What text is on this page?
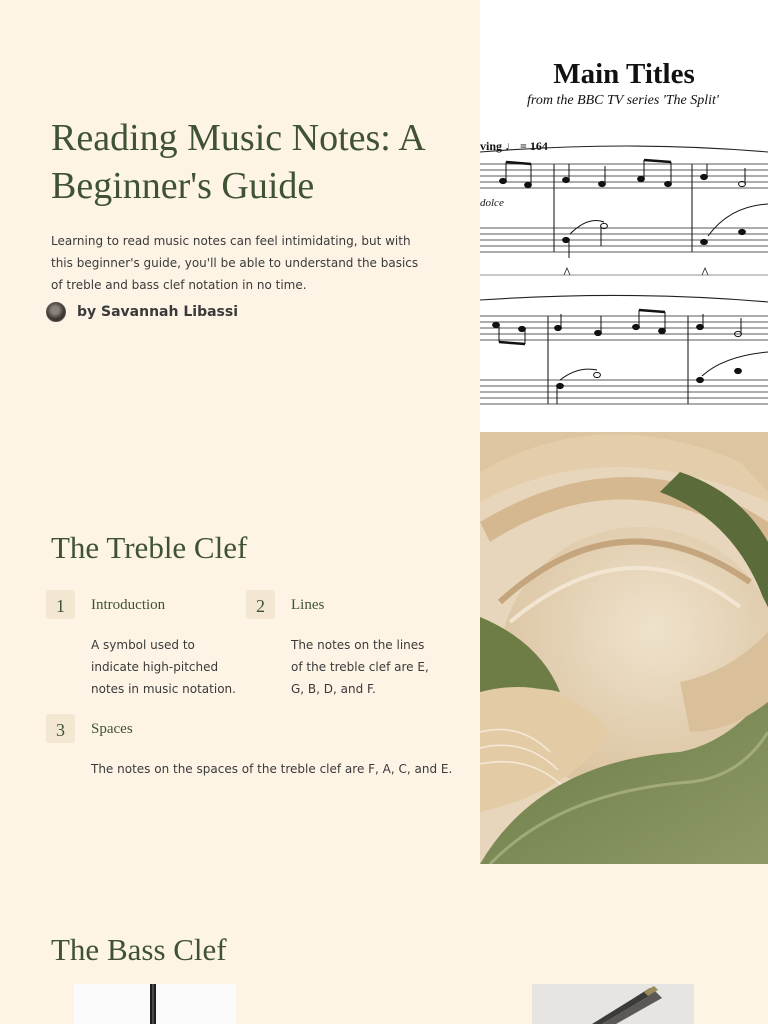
Reading Music Notes: A Beginner's Guide

Learning to read music notes can feel intimidating, but with this beginner's guide, you'll be able to understand the basics of treble and bass clef notation in no time.

by Savannah Libassi
Main Titles
from the BBC TV series 'The Split'
ving ♩ = 164
dolce
The Treble Clef
1	Introduction
A symbol used to indicate high-pitched notes in music notation.
2	Lines
The notes on the lines of the treble clef are E, G, B, D, and F.
3	Spaces
The notes on the spaces of the treble clef are F, A, C, and E.
The Bass Clef
